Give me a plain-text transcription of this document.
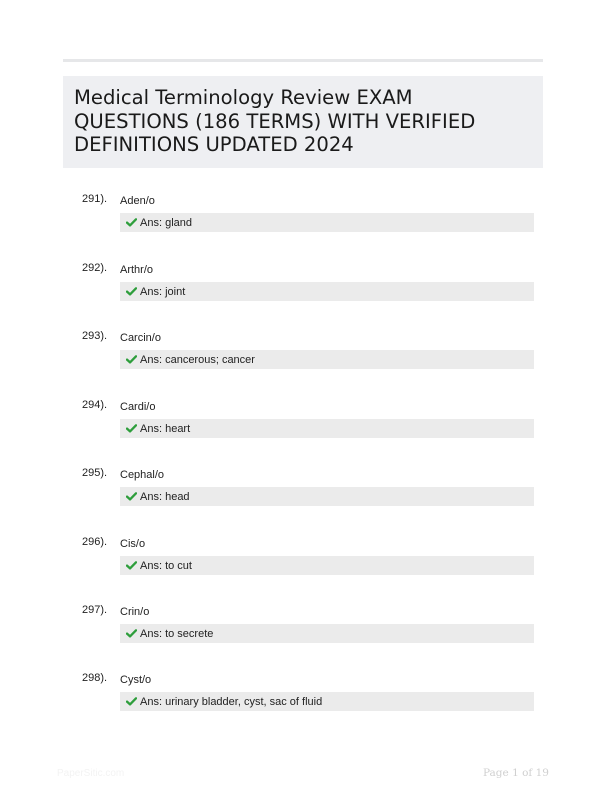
Medical Terminology Review EXAM QUESTIONS (186 TERMS) WITH VERIFIED DEFINITIONS UPDATED 2024
291). Aden/o
Ans: gland
292). Arthr/o
Ans: joint
293). Carcin/o
Ans: cancerous; cancer
294). Cardi/o
Ans: heart
295). Cephal/o
Ans: head
296). Cis/o
Ans: to cut
297). Crin/o
Ans: to secrete
298). Cyst/o
Ans: urinary bladder, cyst, sac of fluid
PaperSitic.com	Page 1 of 19
